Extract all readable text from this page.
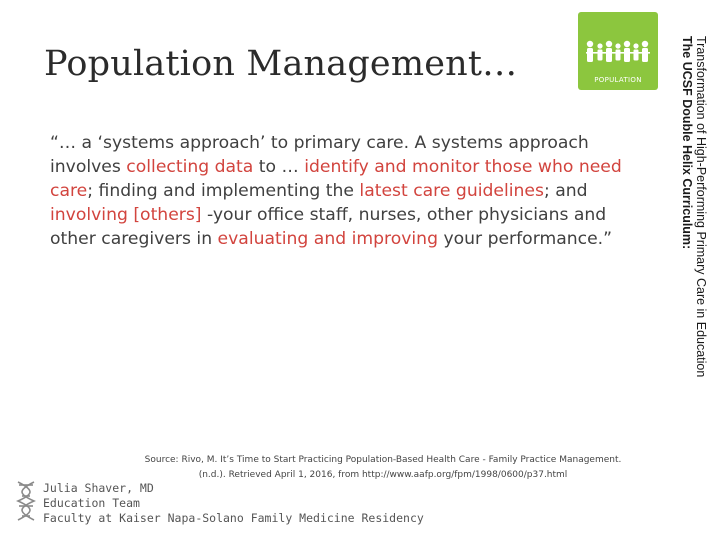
Population Management…	POPULATION	The UCSF Double Helix Curriculum: Transformation of High-Performing Primary Care in Education

“… a ‘systems approach’ to primary care. A systems approach involves collecting data to … identify and monitor those who need care; finding and implementing the latest care guidelines; and involving [others] -your office staff, nurses, other physicians and other caregivers in evaluating and improving your performance.”

Source: Rivo, M. It’s Time to Start Practicing Population-Based Health Care - Family Practice Management.
(n.d.). Retrieved April 1, 2016, from http://www.aafp.org/fpm/1998/0600/p37.html
Julia Shaver, MD
Education Team
Faculty at Kaiser Napa-Solano Family Medicine Residency
